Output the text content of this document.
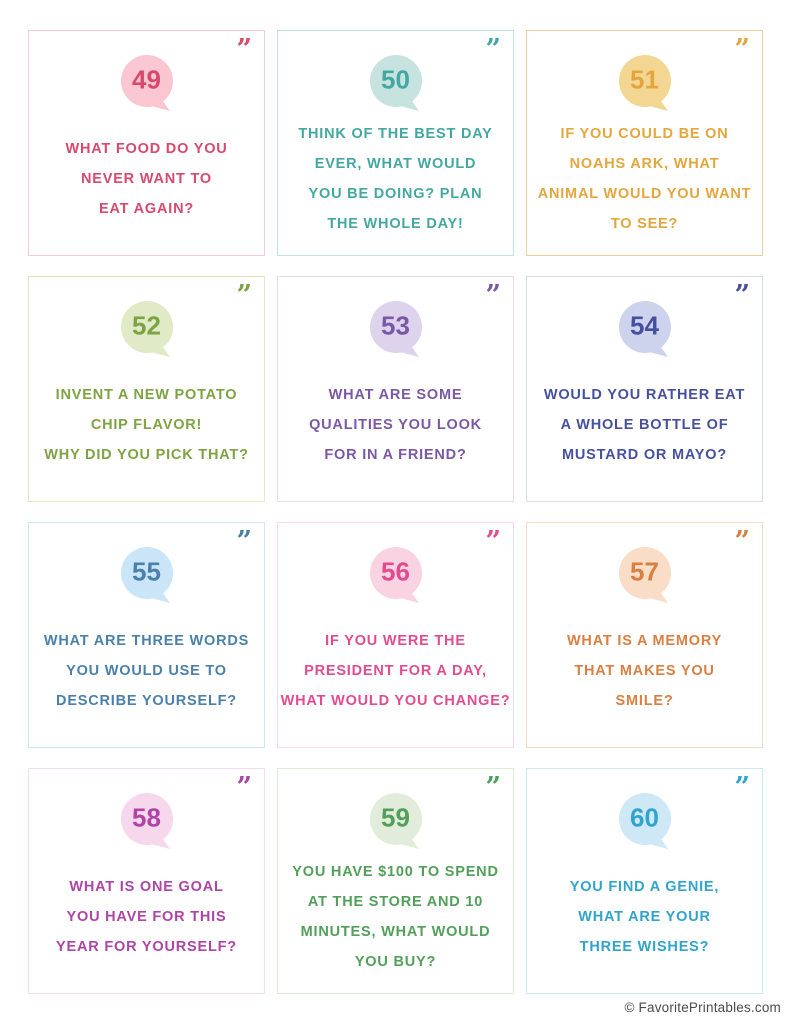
”
49
WHAT FOOD DO YOU
NEVER WANT TO
EAT AGAIN?
”
50
THINK OF THE BEST DAY
EVER, WHAT WOULD
YOU BE DOING? PLAN
THE WHOLE DAY!
”
51
IF YOU COULD BE ON
NOAHS ARK, WHAT
ANIMAL WOULD YOU WANT
TO SEE?
”
52
INVENT A NEW POTATO
CHIP FLAVOR!
WHY DID YOU PICK THAT?
”
53
WHAT ARE SOME
QUALITIES YOU LOOK
FOR IN A FRIEND?
”
54
WOULD YOU RATHER EAT
A WHOLE BOTTLE OF
MUSTARD OR MAYO?
”
55
WHAT ARE THREE WORDS
YOU WOULD USE TO
DESCRIBE YOURSELF?
”
56
IF YOU WERE THE
PRESIDENT FOR A DAY,
WHAT WOULD YOU CHANGE?
”
57
WHAT IS A MEMORY
THAT MAKES YOU
SMILE?
”
58
WHAT IS ONE GOAL
YOU HAVE FOR THIS
YEAR FOR YOURSELF?
”
59
YOU HAVE $100 TO SPEND
AT THE STORE AND 10
MINUTES, WHAT WOULD
YOU BUY?
”
60
YOU FIND A GENIE,
WHAT ARE YOUR
THREE WISHES?
© FavoritePrintables.com
